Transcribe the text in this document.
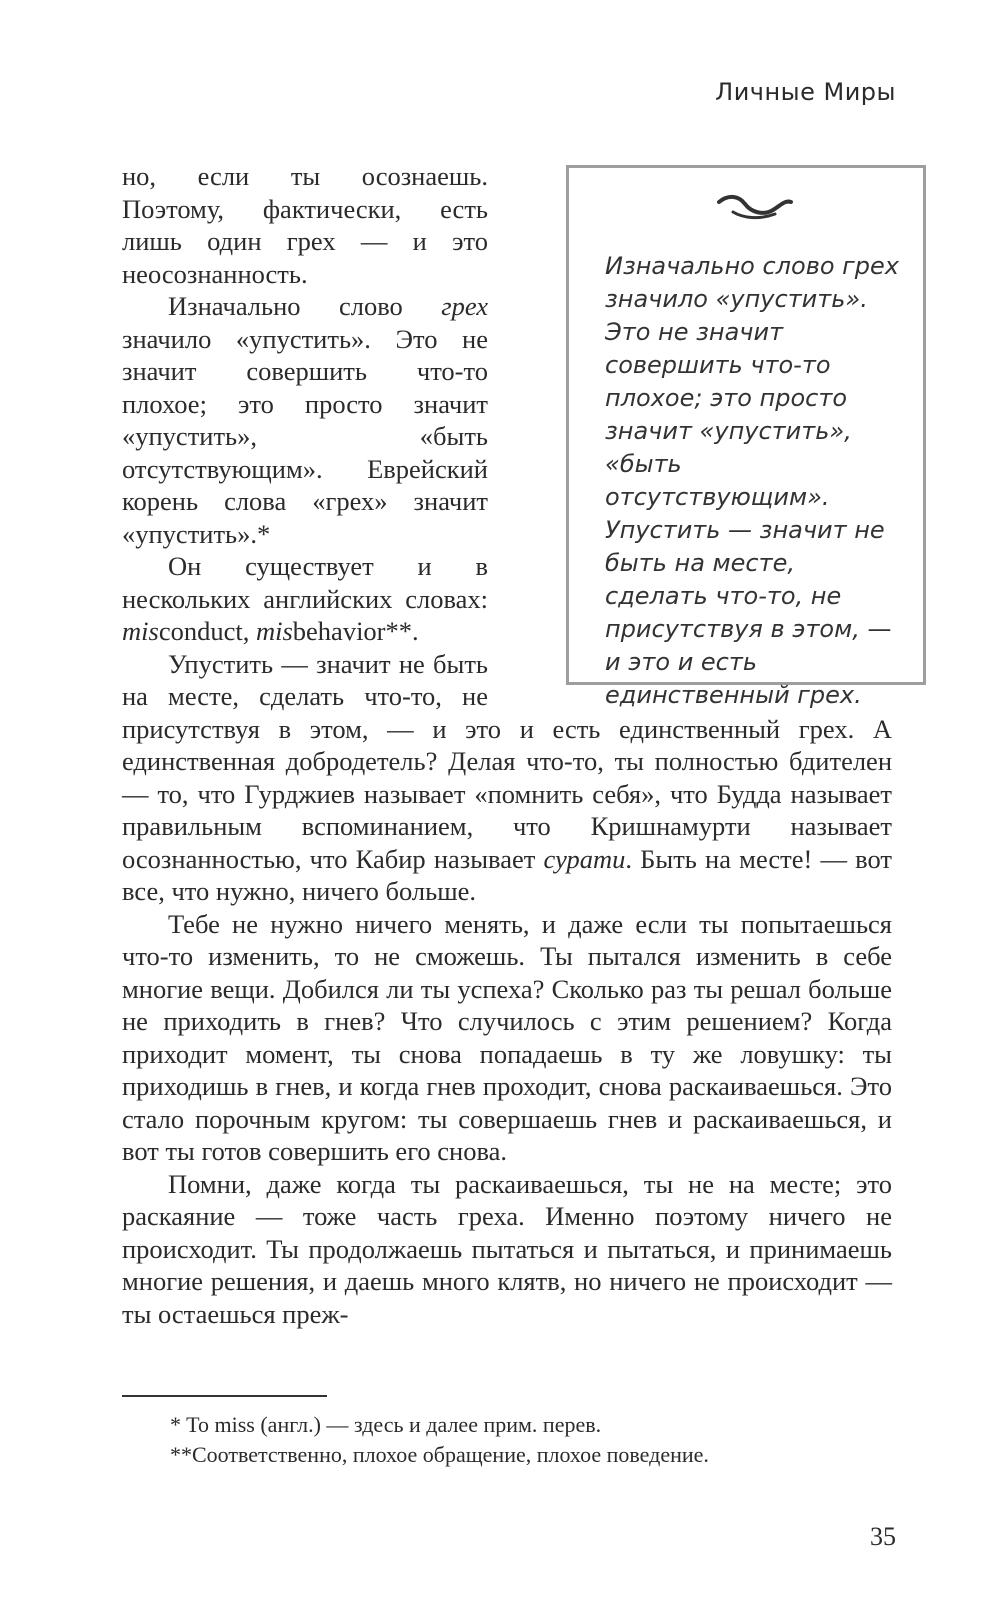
Личные Миры

Изначально слово грех значило «упустить». Это не значит совершить что-то плохое; это просто значит «упустить», «быть отсутствующим». Упустить — значит не быть на месте, сделать что-то, не присутствуя в этом, — и это и есть единственный грех.

но, если ты осознаешь. Поэтому, фактически, есть лишь один грех — и это неосознанность.

Изначально слово грех значило «упустить». Это не значит совершить что-то плохое; это просто значит «упустить», «быть отсутствующим». Еврейский корень слова «грех» значит «упустить».*

Он существует и в нескольких английских словах: misconduct, misbehavior**.

Упустить — значит не быть на месте, сделать что-то, не присутствуя в этом, — и это и есть единственный грех. А единственная добродетель? Делая что-то, ты полностью бдителен — то, что Гурджиев называет «помнить себя», что Будда называет правильным вспоминанием, что Кришнамурти называет осознанностью, что Кабир называет сурати. Быть на месте! — вот все, что нужно, ничего больше.

Тебе не нужно ничего менять, и даже если ты попытаешься что-то изменить, то не сможешь. Ты пытался изменить в себе многие вещи. Добился ли ты успеха? Сколько раз ты решал больше не приходить в гнев? Что случилось с этим решением? Когда приходит момент, ты снова попадаешь в ту же ловушку: ты приходишь в гнев, и когда гнев проходит, снова раскаиваешься. Это стало порочным кругом: ты совершаешь гнев и раскаиваешься, и вот ты готов совершить его снова.

Помни, даже когда ты раскаиваешься, ты не на месте; это раскаяние — тоже часть греха. Именно поэтому ничего не происходит. Ты продолжаешь пытаться и пытаться, и принимаешь многие решения, и даешь много клятв, но ничего не происходит — ты остаешься преж-

* To miss (англ.) — здесь и далее прим. перев.
**Соответственно, плохое обращение, плохое поведение.
35
